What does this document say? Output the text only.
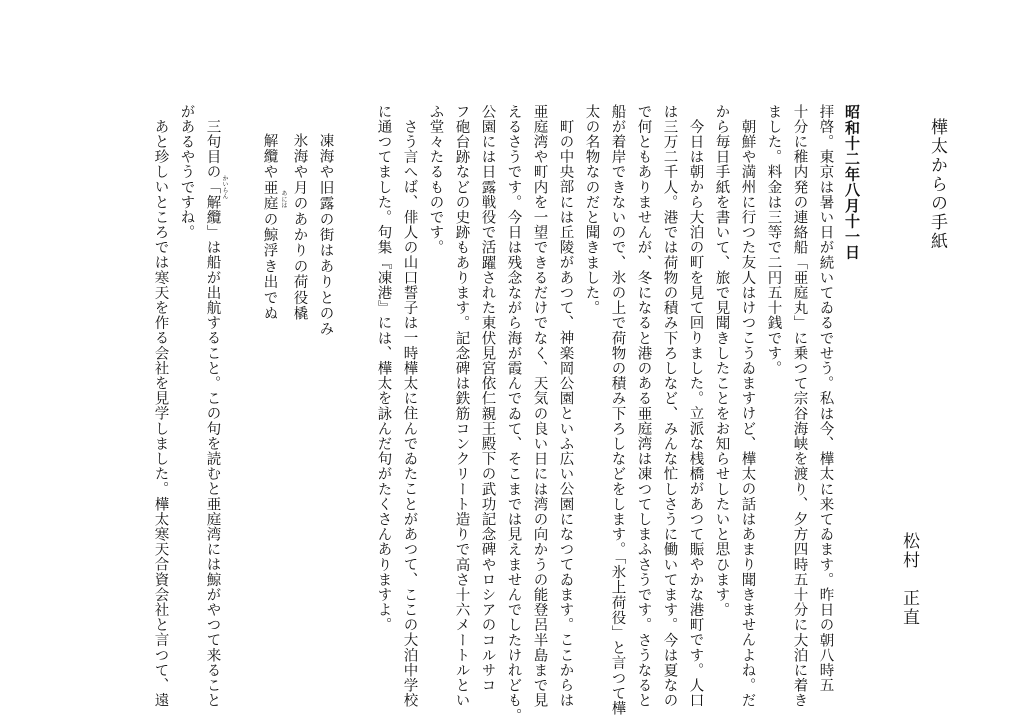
樺太からの手紙
松村　正直
昭和十二年八月十一日
拝啓。東京は暑い日が続いてゐるでせう。私は今、樺太に来てゐます。昨日の朝八時五
十分に稚内発の連絡船「亜庭丸」に乗つて宗谷海峡を渡り、夕方四時五十分に大泊に着き
ました。料金は三等で二円五十銭です。
朝鮮や満州に行つた友人はけつこうゐますけど、樺太の話はあまり聞きませんよね。だ
から毎日手紙を書いて、旅で見聞きしたことをお知らせしたいと思ひます。
今日は朝から大泊の町を見て回りました。立派な桟橋があつて賑やかな港町です。人口
は三万二千人。港では荷物の積み下ろしなど、みんな忙しさうに働いてます。今は夏なの
で何ともありませんが、冬になると港のある亜庭湾は凍つてしまふさうです。さうなると
船が着岸できないので、氷の上で荷物の積み下ろしなどをします。「氷上荷役」と言つて樺
太の名物なのだと聞きました。
町の中央部には丘陵があつて、神楽岡公園といふ広い公園になつてゐます。ここからは
亜庭湾や町内を一望できるだけでなく、天気の良い日には湾の向かうの能登呂半島まで見
えるさうです。今日は残念ながら海が霞んでゐて、そこまでは見えませんでしたけれども。
公園には日露戦役で活躍された東伏見宮依仁親王殿下の武功記念碑やロシアのコルサコ
フ砲台跡などの史跡もあります。記念碑は鉄筋コンクリート造りで高さ十六メートルとい
ふ堂々たるものです。
さう言へば、俳人の山口誓子は一時樺太に住んでゐたことがあつて、ここの大泊中学校
に通つてました。句集『凍港』には、樺太を詠んだ句がたくさんありますよ。
凍海や旧露の街はありとのみ
氷海や月のあかりの荷役橇
解纜や亜庭の鯨浮き出でぬ あには
かいらん
三句目の「解纜」は船が出航すること。この句を読むと亜庭湾には鯨がやつて来ること
があるやうですね。
あと珍しいところでは寒天を作る会社を見学しました。樺太寒天合資会社と言つて、遠
